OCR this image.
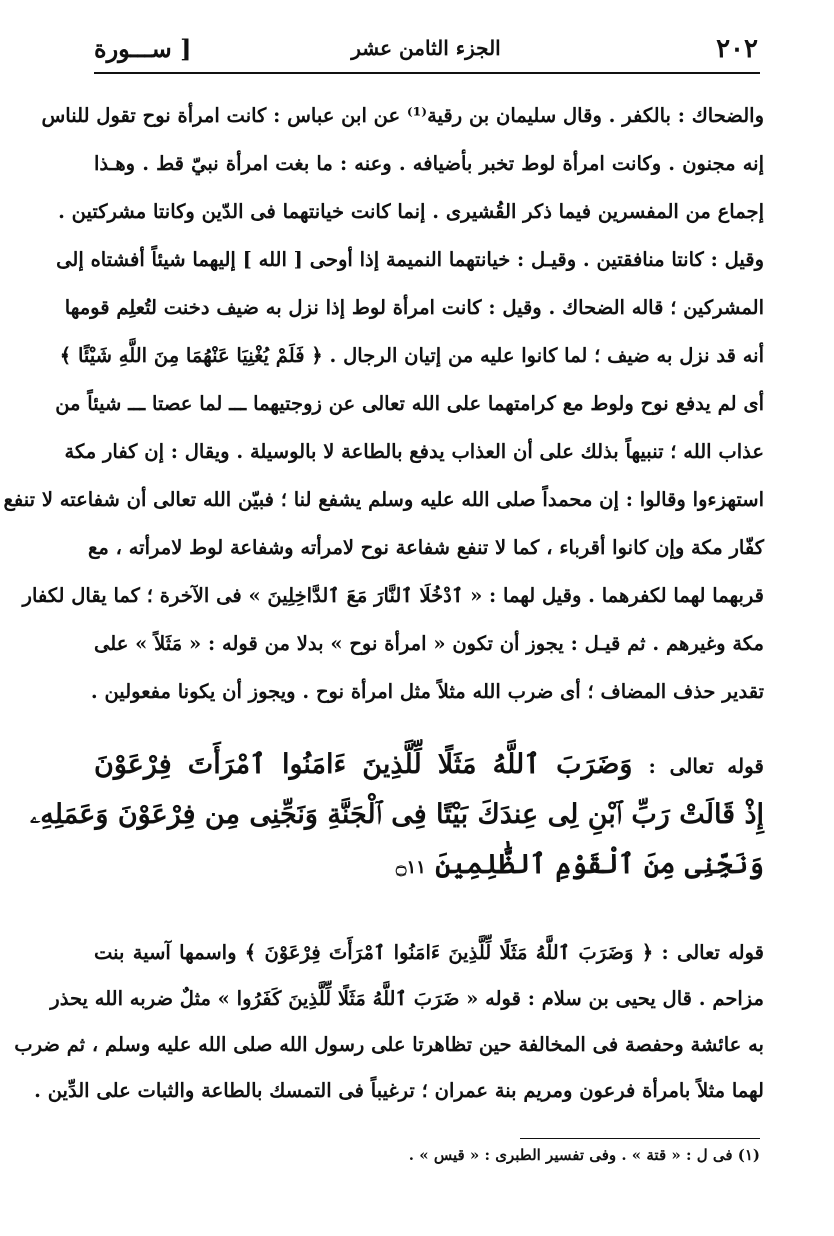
٢٠٢
الجزء الثامن عشر
[ ســـورة
والضحاك : بالكفر . وقال سليمان بن رقية⁽¹⁾ عن ابن عباس : كانت امرأة نوح تقول للناس
إنه مجنون . وكانت امرأة لوط تخبر بأضيافه . وعنه : ما بغت امرأة نبيّ قط . وهـذا
إجماع من المفسرين فيما ذكر القُشيرى . إنما كانت خيانتهما فى الدّين وكانتا مشركتين .
وقيل : كانتا منافقتين . وقيـل : خيانتهما النميمة إذا أوحى [ الله ] إليهما شيئاً أفشتاه إلى
المشركين ؛ قاله الضحاك . وقيل : كانت امرأة لوط إذا نزل به ضيف دخنت لتُعلِم قومها
أنه قد نزل به ضيف ؛ لما كانوا عليه من إتيان الرجال . ﴿ فَلَمْ يُغْنِيَا عَنْهُمَا مِنَ اللَّهِ شَيْئًا ﴾
أى لم يدفع نوح ولوط مع كرامتهما على الله تعالى عن زوجتيهما ـــ لما عصتا ـــ شيئاً من
عذاب الله ؛ تنبيهاً بذلك على أن العذاب يدفع بالطاعة لا بالوسيلة . ويقال : إن كفار مكة
استهزءوا وقالوا : إن محمداً صلى الله عليه وسلم يشفع لنا ؛ فبيّن الله تعالى أن شفاعته لا تنفع
كفّار مكة وإن كانوا أقرباء ، كما لا تنفع شفاعة نوح لامرأته وشفاعة لوط لامرأته ، مع
قربهما لهما لكفرهما . وقيل لهما : « ٱدْخُلَا ٱلنَّارَ مَعَ ٱلدَّاخِلِينَ » فى الآخرة ؛ كما يقال لكفار
مكة وغيرهم . ثم قيـل : يجوز أن تكون « امرأة نوح » بدلا من قوله : « مَثَلاً » على
تقدير حذف المضاف ؛ أى ضرب الله مثلاً مثل امرأة نوح . ويجوز أن يكونا مفعولين .
قوله تعالى : وَضَرَبَ ٱللَّهُ مَثَلًا لِّلَّذِينَ ءَامَنُوا ٱمْرَأَتَ فِرْعَوْنَ
إِذْ قَالَتْ رَبِّ ٱبْنِ لِى عِندَكَ بَيْتًا فِى ٱلْجَنَّةِ وَنَجِّنِى مِن فِرْعَوْنَ وَعَمَلِهِۦ
وَنَجِّنِى مِنَ ٱلْقَوْمِ ٱلظَّٰلِمِينَ ۝١١
قوله تعالى : ﴿ وَضَرَبَ ٱللَّهُ مَثَلًا لِّلَّذِينَ ءَامَنُوا ٱمْرَأَتَ فِرْعَوْنَ ﴾ واسمها آسية بنت
مزاحم . قال يحيى بن سلام : قوله « ضَرَبَ ٱللَّهُ مَثَلًا لِّلَّذِينَ كَفَرُوا » مثلٌ ضربه الله يحذر
به عائشة وحفصة فى المخالفة حين تظاهرتا على رسول الله صلى الله عليه وسلم ، ثم ضرب
لهما مثلاً بامرأة فرعون ومريم بنة عمران ؛ ترغيباً فى التمسك بالطاعة والثبات على الدِّين .
(١) فى ل : « قتة » . وفى تفسير الطبرى : « قيس » .
